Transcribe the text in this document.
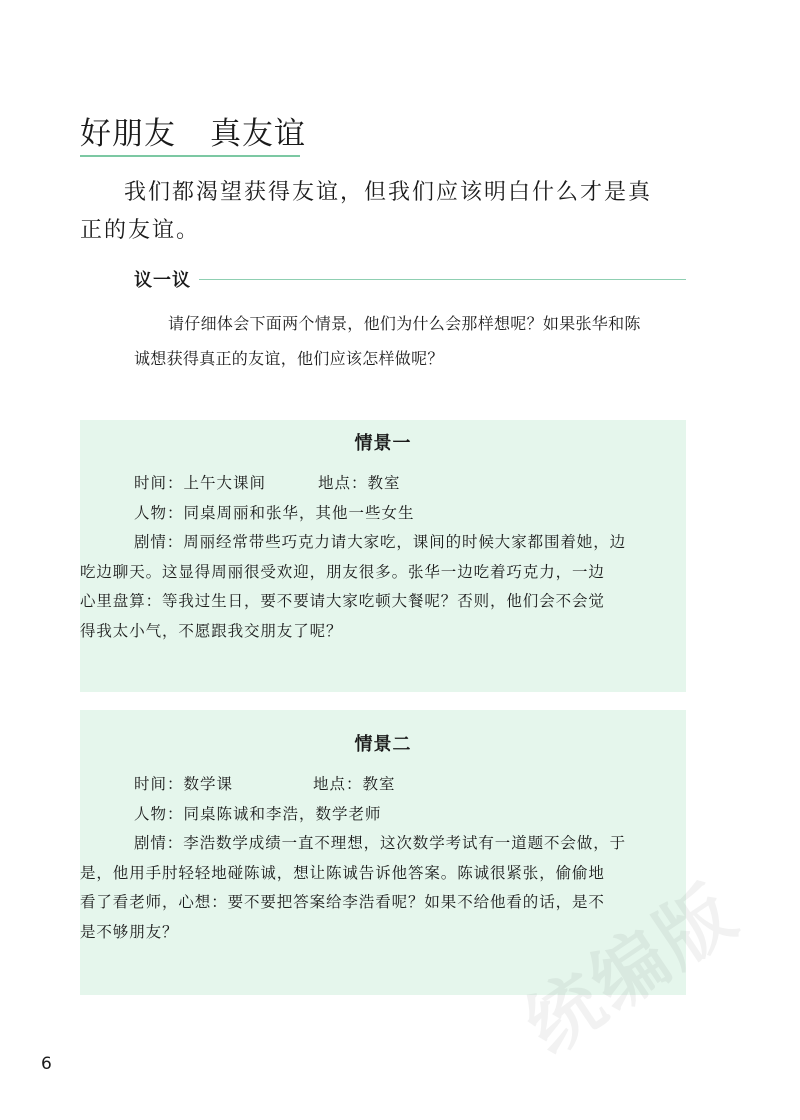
好朋友 真友谊
我们都渴望获得友谊，但我们应该明白什么才是真
正的友谊。
议一议
请仔细体会下面两个情景，他们为什么会那样想呢？如果张华和陈
诚想获得真正的友谊，他们应该怎样做呢？
情景一
时间：上午大课间	地点：教室
人物：同桌周丽和张华，其他一些女生
剧情：周丽经常带些巧克力请大家吃，课间的时候大家都围着她，边
吃边聊天。这显得周丽很受欢迎，朋友很多。张华一边吃着巧克力，一边
心里盘算：等我过生日，要不要请大家吃顿大餐呢？否则，他们会不会觉
得我太小气，不愿跟我交朋友了呢？
情景二
时间：数学课	地点：教室
人物：同桌陈诚和李浩，数学老师
剧情：李浩数学成绩一直不理想，这次数学考试有一道题不会做，于
是，他用手肘轻轻地碰陈诚，想让陈诚告诉他答案。陈诚很紧张，偷偷地
看了看老师，心想：要不要把答案给李浩看呢？如果不给他看的话，是不
是不够朋友？
6
